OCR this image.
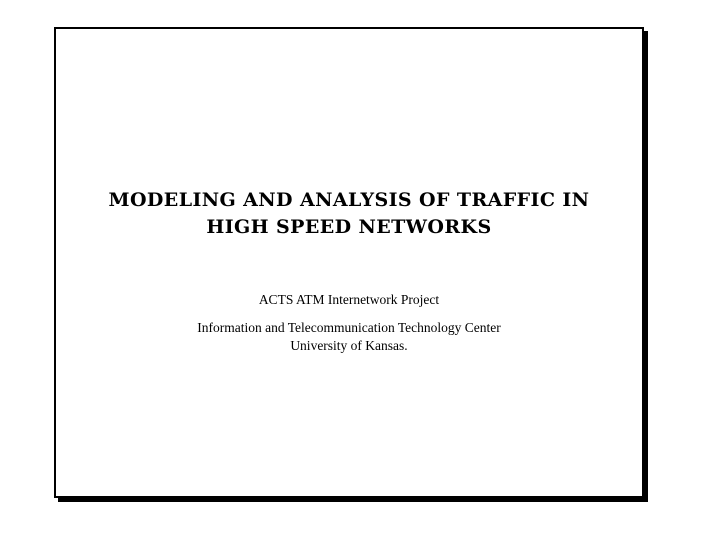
MODELING AND ANALYSIS OF TRAFFIC IN
HIGH SPEED NETWORKS
ACTS ATM Internetwork Project
Information and Telecommunication Technology Center
University of Kansas.
